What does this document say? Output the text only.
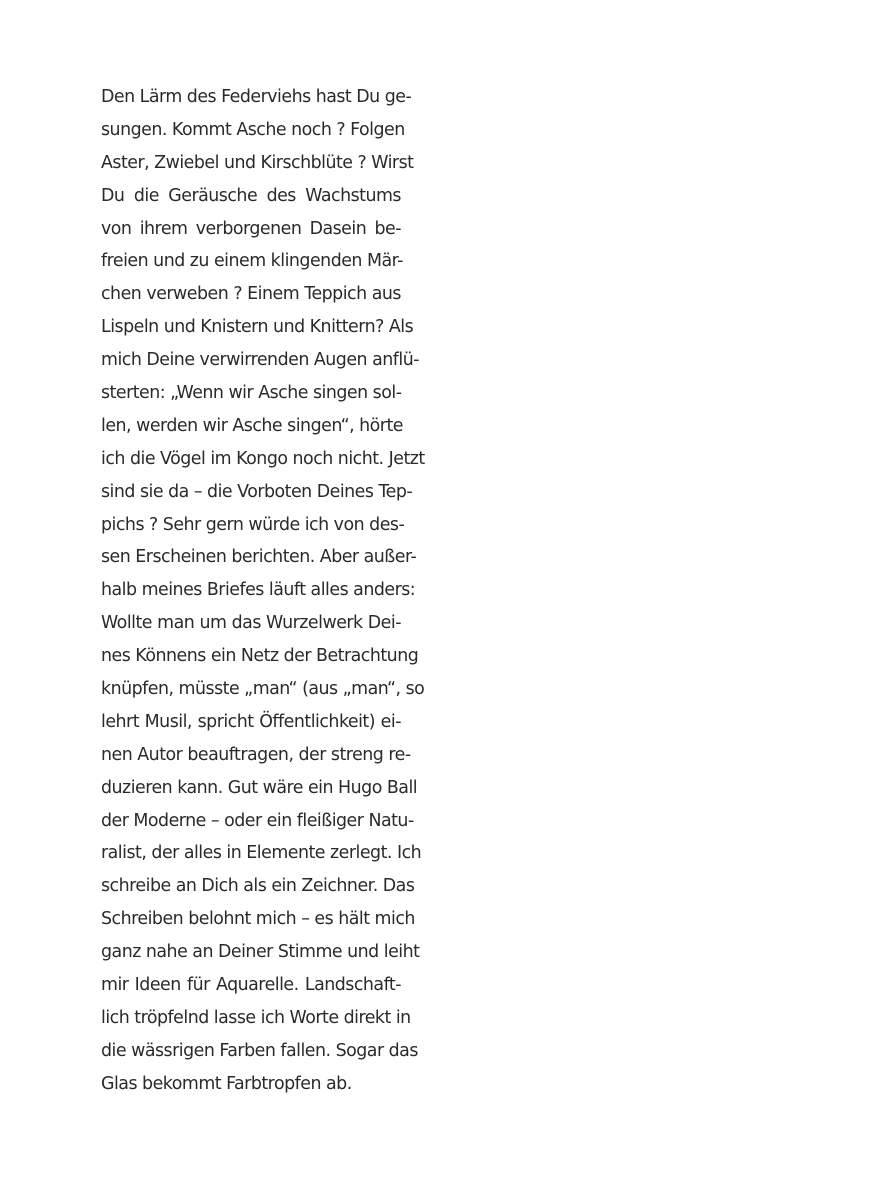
Den Lärm des Federviehs hast Du ge-
sungen. Kommt Asche noch ? Folgen
Aster, Zwiebel und Kirschblüte ? Wirst
Du die Geräusche des Wachstums
von ihrem verborgenen Dasein be-
freien und zu einem klingenden Mär-
chen verweben ? Einem Teppich aus
Lispeln und Knistern und Knittern? Als
mich Deine verwirrenden Augen anflü-
sterten: „Wenn wir Asche singen sol-
len, werden wir Asche singen“, hörte
ich die Vögel im Kongo noch nicht. Jetzt
sind sie da – die Vorboten Deines Tep-
pichs ? Sehr gern würde ich von des-
sen Erscheinen berichten. Aber außer-
halb meines Briefes läuft alles anders:
Wollte man um das Wurzelwerk Dei-
nes Könnens ein Netz der Betrachtung
knüpfen, müsste „man“ (aus „man“, so
lehrt Musil, spricht Öffentlichkeit) ei-
nen Autor beauftragen, der streng re-
duzieren kann. Gut wäre ein Hugo Ball
der Moderne – oder ein fleißiger Natu-
ralist, der alles in Elemente zerlegt. Ich
schreibe an Dich als ein Zeichner. Das
Schreiben belohnt mich – es hält mich
ganz nahe an Deiner Stimme und leiht
mir Ideen für Aquarelle. Landschaft-
lich tröpfelnd lasse ich Worte direkt in
die wässrigen Farben fallen. Sogar das
Glas bekommt Farbtropfen ab.
